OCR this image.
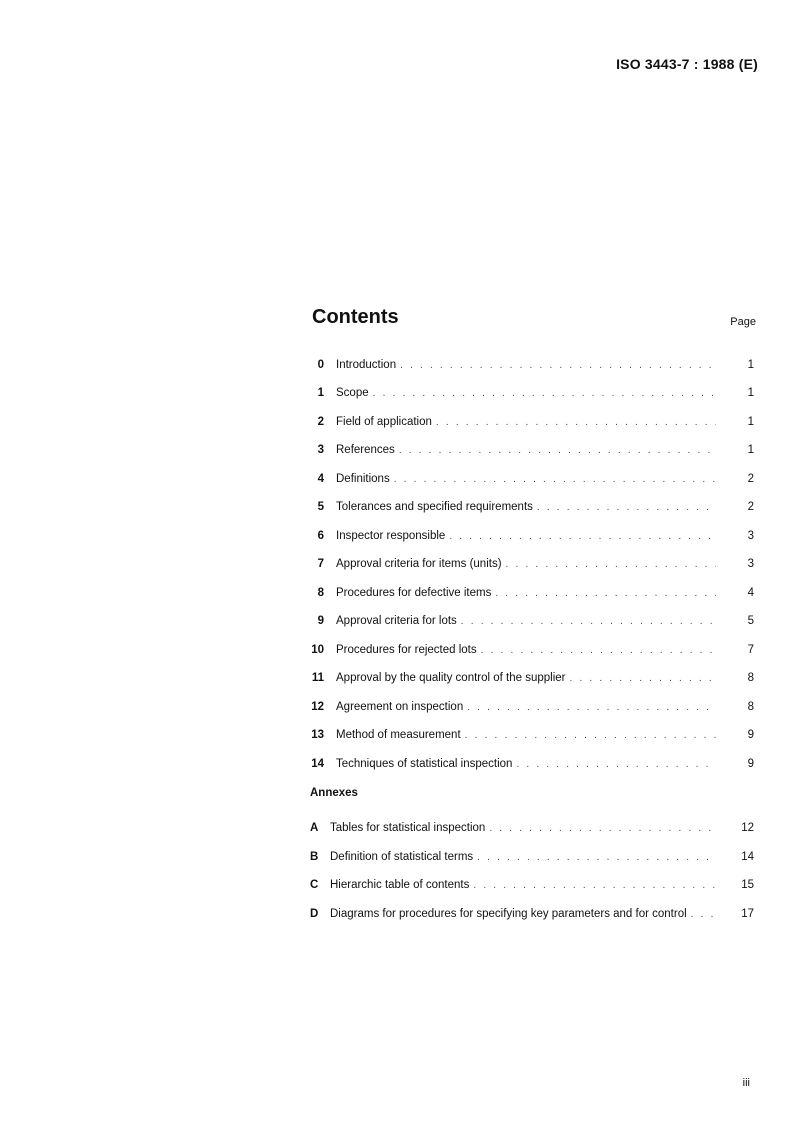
ISO 3443-7 : 1988 (E)
Contents	Page
0	Introduction . . .	1
1	Scope . . .	1
2	Field of application . . .	1
3	References . . .	1
4	Definitions . . .	2
5	Tolerances and specified requirements . . .	2
6	Inspector responsible . . .	3
7	Approval criteria for items (units) . . .	3
8	Procedures for defective items . . .	4
9	Approval criteria for lots . . .	5
10	Procedures for rejected lots . . .	7
11	Approval by the quality control of the supplier . . .	8
12	Agreement on inspection . . .	8
13	Method of measurement . . .	9
14	Techniques of statistical inspection . . .	9
Annexes
A	Tables for statistical inspection . . .	12
B	Definition of statistical terms . . .	14
C	Hierarchic table of contents . . .	15
D	Diagrams for procedures for specifying key parameters and for control . . .	17
iii
